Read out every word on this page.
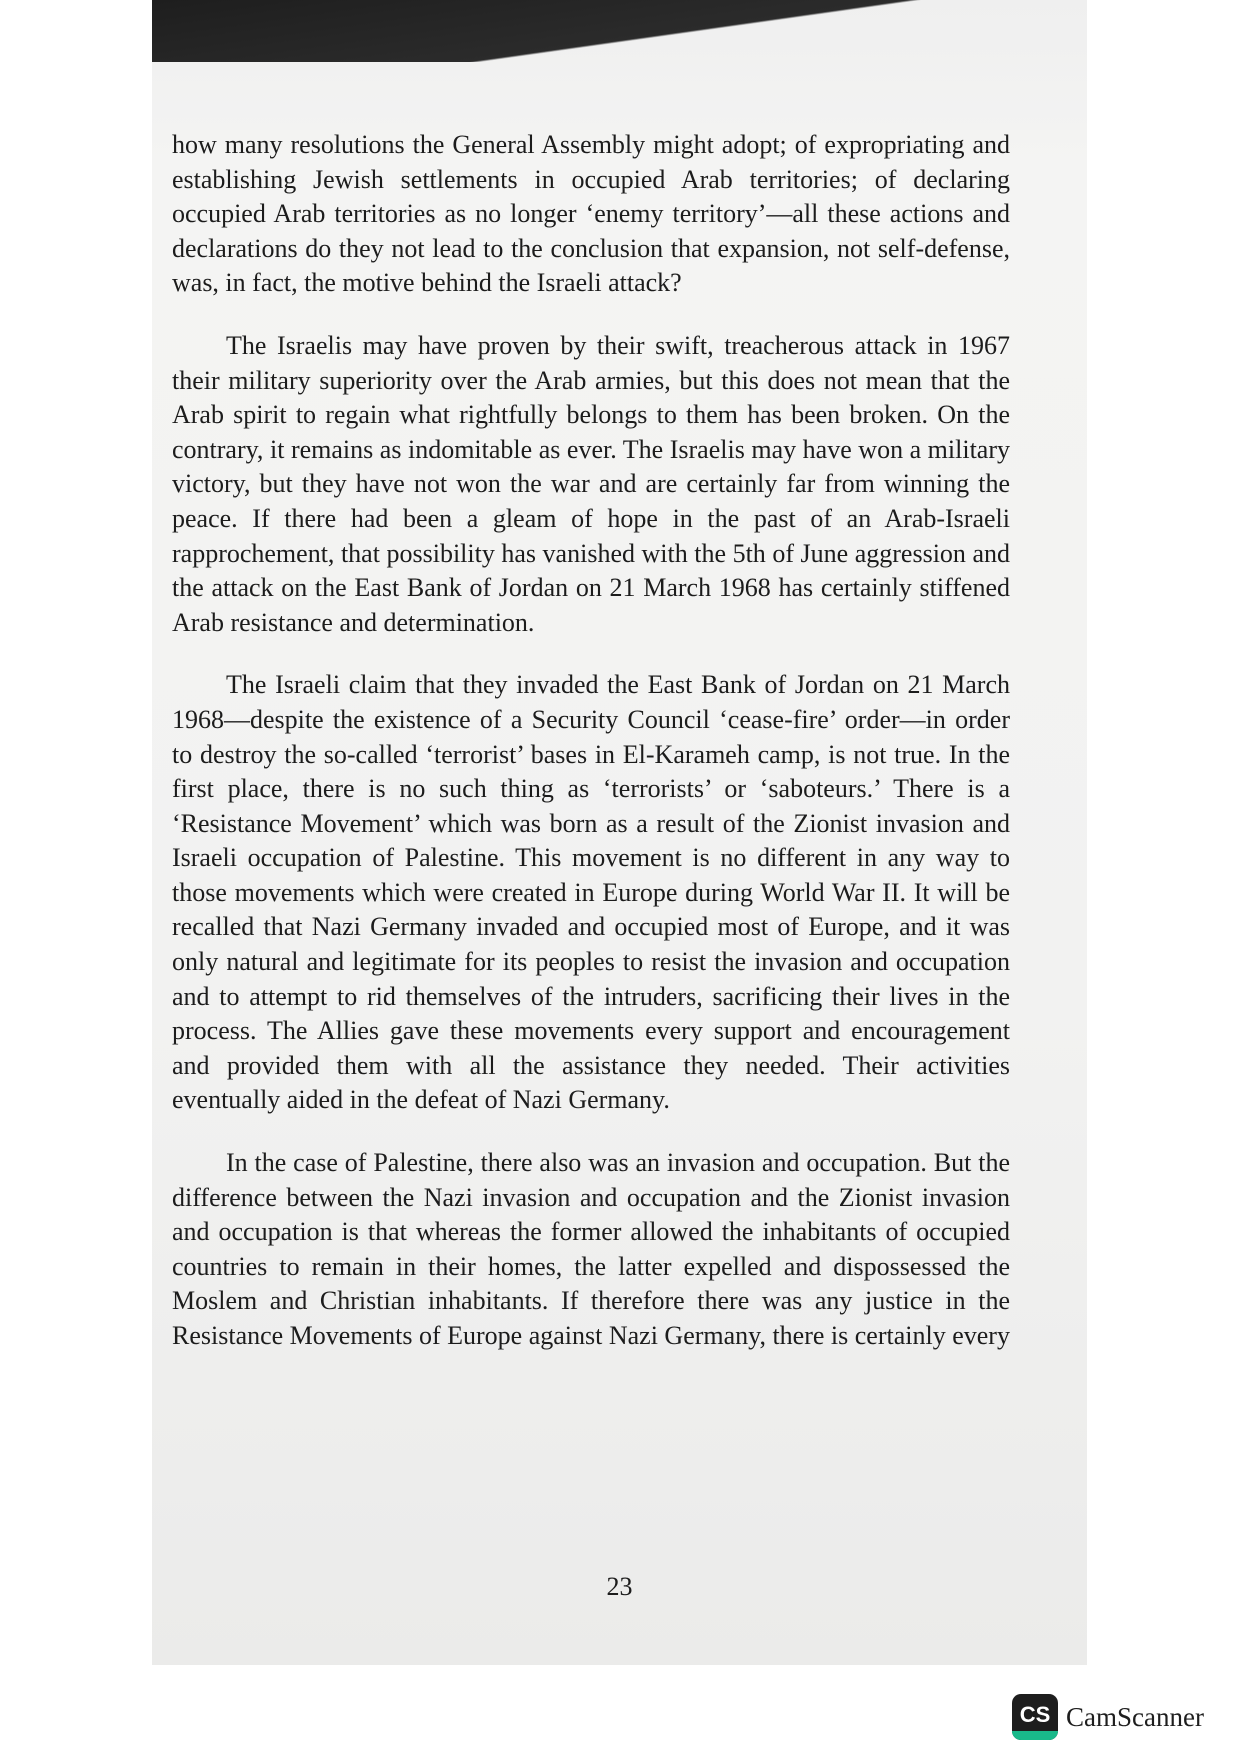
how many resolutions the General Assembly might adopt; of expropriating and establishing Jewish settlements in occupied Arab territories; of declaring occupied Arab territories as no longer ‘enemy territory’—all these actions and declarations do they not lead to the conclusion that expansion, not self-defense, was, in fact, the motive behind the Israeli attack?

The Israelis may have proven by their swift, treacherous attack in 1967 their military superiority over the Arab armies, but this does not mean that the Arab spirit to regain what rightfully belongs to them has been broken. On the contrary, it remains as indomitable as ever. The Israelis may have won a military victory, but they have not won the war and are certainly far from winning the peace. If there had been a gleam of hope in the past of an Arab-Israeli rapprochement, that possibility has vanished with the 5th of June aggression and the attack on the East Bank of Jordan on 21 March 1968 has certainly stiffened Arab resistance and determination.

The Israeli claim that they invaded the East Bank of Jordan on 21 March 1968—despite the existence of a Security Council ‘cease-fire’ order—in order to destroy the so-called ‘terrorist’ bases in El-Karameh camp, is not true. In the first place, there is no such thing as ‘terrorists’ or ‘saboteurs.’ There is a ‘Resistance Movement’ which was born as a result of the Zionist invasion and Israeli occupation of Palestine. This movement is no different in any way to those movements which were created in Europe during World War II. It will be recalled that Nazi Germany invaded and occupied most of Europe, and it was only natural and legitimate for its peoples to resist the invasion and occupation and to attempt to rid themselves of the intruders, sacrificing their lives in the process. The Allies gave these movements every support and encouragement and provided them with all the assistance they needed. Their activities eventually aided in the defeat of Nazi Germany.

In the case of Palestine, there also was an invasion and occupation. But the difference between the Nazi invasion and occupation and the Zionist invasion and occupation is that whereas the former allowed the inhabitants of occupied countries to remain in their homes, the latter expelled and dispossessed the Moslem and Christian inhabitants. If therefore there was any justice in the Resistance Movements of Europe against Nazi Germany, there is certainly every

23
CS CamScanner
